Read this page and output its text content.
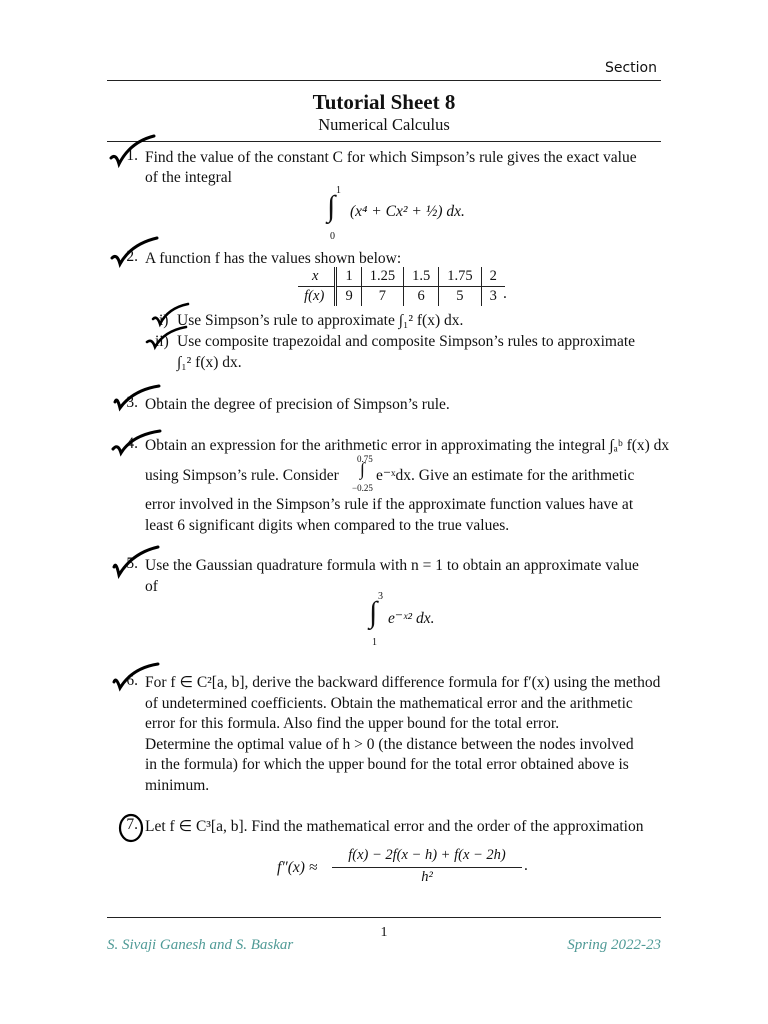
Section
Tutorial Sheet 8
Numerical Calculus
1. Find the value of the constant C for which Simpson’s rule gives the exact value
of the integral
1
∫
0
(x⁴ + Cx² + ½) dx.
2. A function f has the values shown below:
x	1	1.25	1.5	1.75	2
f(x)	9	7	6	5	3 .
i) Use Simpson’s rule to approximate ∫₁² f(x) dx.
ii) Use composite trapezoidal and composite Simpson’s rules to approximate
∫₁² f(x) dx.
3. Obtain the degree of precision of Simpson’s rule.
4. Obtain an expression for the arithmetic error in approximating the integral ∫ₐᵇ f(x) dx
using Simpson’s rule. Consider
0.75
∫
−0.25
e⁻ˣdx. Give an estimate for the arithmetic
error involved in the Simpson’s rule if the approximate function values have at
least 6 significant digits when compared to the true values.
5. Use the Gaussian quadrature formula with n = 1 to obtain an approximate value
of
3
∫
1
e⁻ˣ² dx.
6. For f ∈ C²[a, b], derive the backward difference formula for f′(x) using the method
of undetermined coefficients. Obtain the mathematical error and the arithmetic
error for this formula. Also find the upper bound for the total error.
Determine the optimal value of h > 0 (the distance between the nodes involved
in the formula) for which the upper bound for the total error obtained above is
minimum.
7. Let f ∈ C³[a, b]. Find the mathematical error and the order of the approximation
f″(x) ≈
f(x) − 2f(x − h) + f(x − 2h)
h²
.
1
S. Sivaji Ganesh and S. Baskar	Spring 2022-23
